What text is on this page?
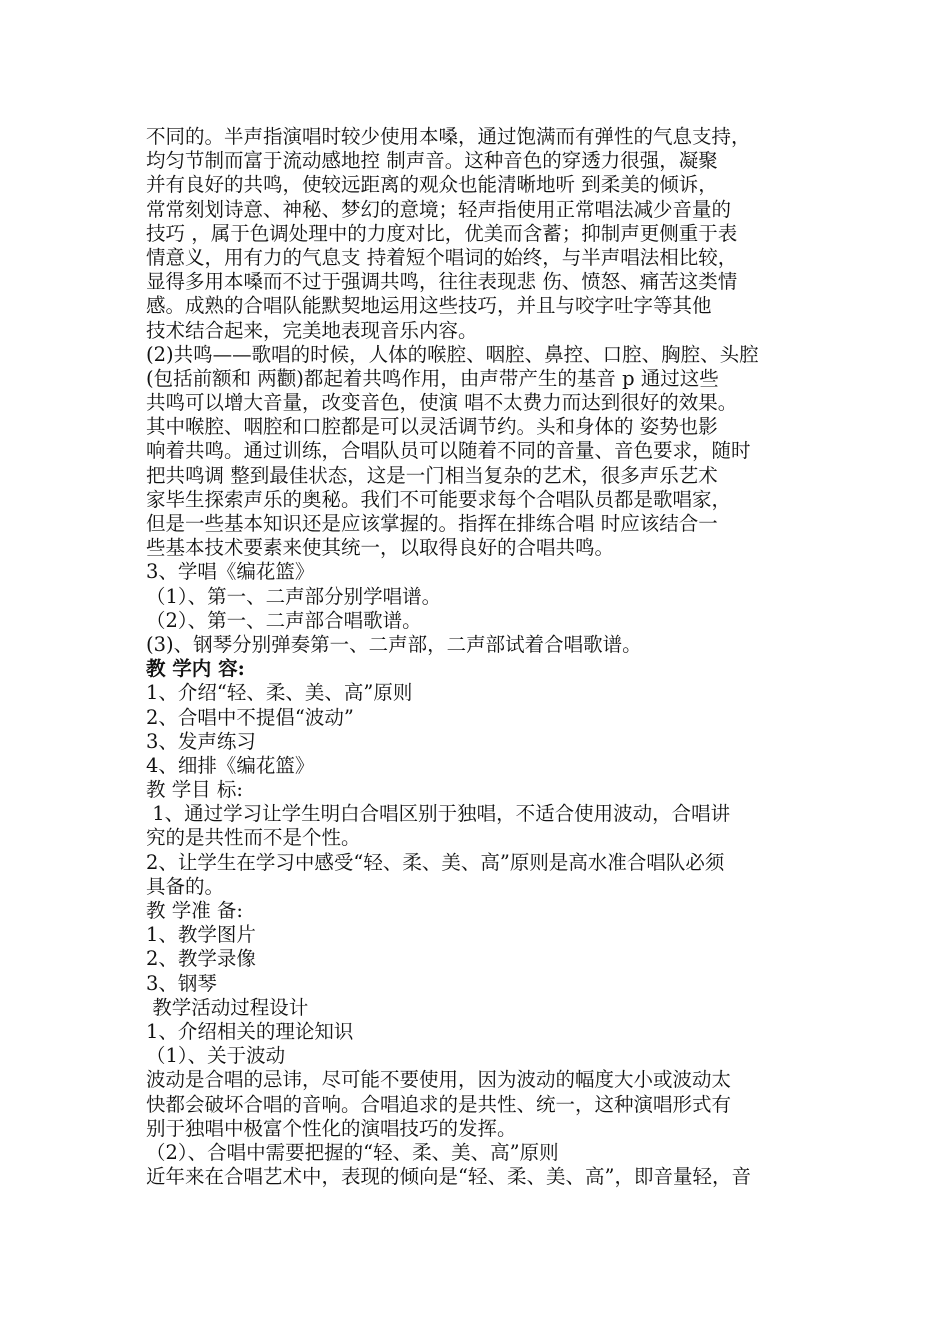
不同的。半声指演唱时较少使用本嗓，通过饱满而有弹性的气息支持，
均匀节制而富于流动感地控 制声音。这种音色的穿透力很强，凝聚
并有良好的共鸣，使较远距离的观众也能清晰地听 到柔美的倾诉，
常常刻划诗意、神秘、梦幻的意境；轻声指使用正常唱法减少音量的
技巧 ，属于色调处理中的力度对比，优美而含蓄；抑制声更侧重于表
情意义，用有力的气息支 持着短个唱词的始终，与半声唱法相比较，
显得多用本嗓而不过于强调共鸣，往往表现悲 伤、愤怒、痛苦这类情
感。成熟的合唱队能默契地运用这些技巧，并且与咬字吐字等其他
技术结合起来，完美地表现音乐内容。
(2)共鸣——歌唱的时候，人体的喉腔、咽腔、鼻控、口腔、胸腔、头腔
(包括前额和 两颧)都起着共鸣作用，由声带产生的基音 p 通过这些
共鸣可以增大音量，改变音色，使演 唱不太费力而达到很好的效果。
其中喉腔、咽腔和口腔都是可以灵活调节约。头和身体的 姿势也影
响着共鸣。通过训练，合唱队员可以随着不同的音量、音色要求，随时
把共鸣调 整到最佳状态，这是一门相当复杂的艺术，很多声乐艺术
家毕生探索声乐的奥秘。我们不可能要求每个合唱队员都是歌唱家，
但是一些基本知识还是应该掌握的。指挥在排练合唱 时应该结合一
些基本技术要素来使其统一，以取得良好的合唱共鸣。
3、学唱《编花篮》
（1）、第一、二声部分别学唱谱。
（2）、第一、二声部合唱歌谱。
(3)、钢琴分别弹奏第一、二声部，二声部试着合唱歌谱。
教 学内 容:
1、介绍“轻、柔、美、高”原则
2、合唱中不提倡“波动”
3、发声练习
4、细排《编花篮》
教 学目 标:
1、通过学习让学生明白合唱区别于独唱，不适合使用波动，合唱讲
究的是共性而不是个性。
2、让学生在学习中感受“轻、柔、美、高”原则是高水准合唱队必须
具备的。
教 学准 备:
1、教学图片
2、教学录像
3、钢琴
教学活动过程设计
1、介绍相关的理论知识
（1）、关于波动
波动是合唱的忌讳，尽可能不要使用，因为波动的幅度大小或波动太
快都会破坏合唱的音响。合唱追求的是共性、统一，这种演唱形式有
别于独唱中极富个性化的演唱技巧的发挥。
（2）、合唱中需要把握的“轻、柔、美、高”原则
近年来在合唱艺术中，表现的倾向是“轻、柔、美、高”，即音量轻，音
